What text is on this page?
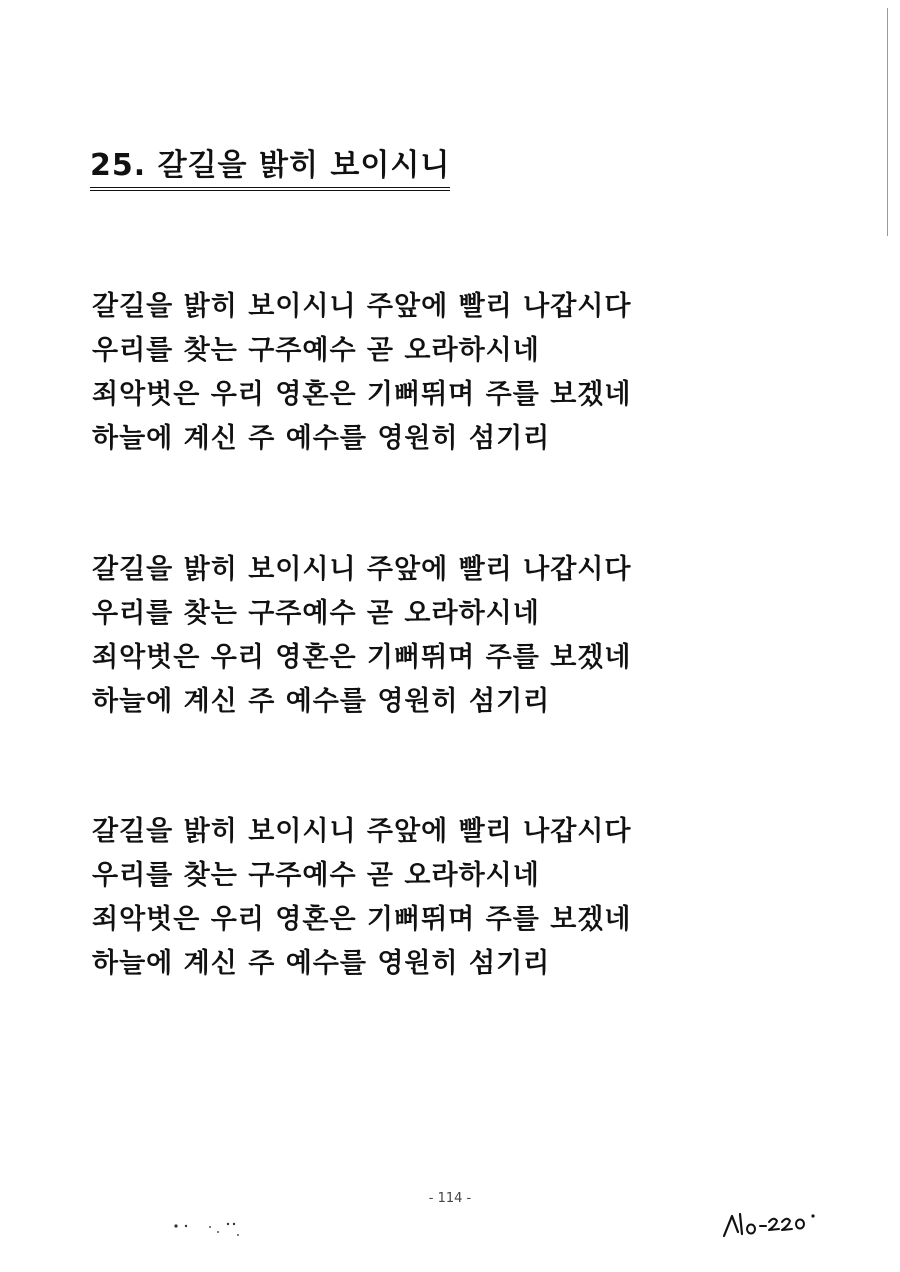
25. 갈길을 밝히 보이시니
갈길을 밝히 보이시니 주앞에 빨리 나갑시다
우리를 찾는 구주예수 곧 오라하시네
죄악벗은 우리 영혼은 기뻐뛰며 주를 보겠네
하늘에 계신 주 예수를 영원히 섬기리
갈길을 밝히 보이시니 주앞에 빨리 나갑시다
우리를 찾는 구주예수 곧 오라하시네
죄악벗은 우리 영혼은 기뻐뛰며 주를 보겠네
하늘에 계신 주 예수를 영원히 섬기리
갈길을 밝히 보이시니 주앞에 빨리 나갑시다
우리를 찾는 구주예수 곧 오라하시네
죄악벗은 우리 영혼은 기뻐뛰며 주를 보겠네
하늘에 계신 주 예수를 영원히 섬기리
- 114 -
